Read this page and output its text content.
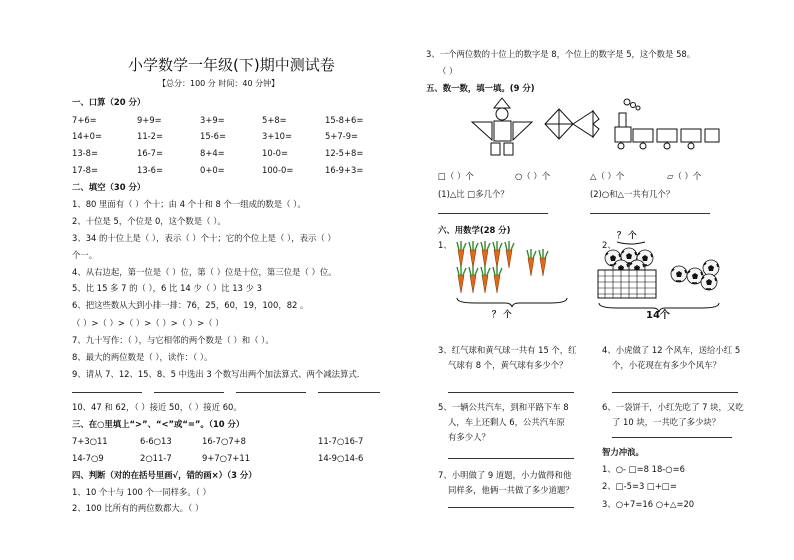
小学数学一年级(下)期中测试卷
【总分：100 分 时间：40 分钟】
一、口算（20 分）
7+6=	9+9=	3+9=	5+8=	15-8+6=
14+0=	11-2=	15-6=	3+10=	5+7-9=
13-8=	16-7=	8+4=	10-0=	12-5+8=
17-8=	13-6=	0+0=	100-0=	16-9+3=
二、填空（30 分）
1、80 里面有（ ）个十；由 4 个十和 8 个一组成的数是（ ）。
2、十位是 5，个位是 0，这个数是（ ）。
3、34 的十位上是（ ），表示（ ）个十；它的个位上是（ ），表示（ ）
个一。
4、从右边起，第一位是（ ）位，第（ ）位是十位，第三位是（ ）位。
5、比 15 多 7 的（ ），6 比 14 少（ ）比 13 少 3
6、把这些数从大到小排一排：76，25，60，19，100，82 。
（ ）>（ ）>（ ）>（ ）>（ ）>（ ）
7、九十写作：（ ），与它相邻的两个数是（ ）和（ ）。
8、最大的两位数是（ ），读作：（ ）。
9、请从 7、12、15、8、5 中选出 3 个数写出两个加法算式、两个减法算式．
10、47 和 62，（ ）接近 50，（ ）接近 60。
三、在○里填上“>”、“<”或“=”。（10 分）
7+3○11	6-6○13	16-7○7+8	11-7○16-7
14-7○9	2○11-7	9+7○7+11	14-9○14-6
四、判断（对的在括号里画√，错的画×）（3 分）
1、10 个十与 100 个一同样多。（ ）
2、100 比所有的两位数都大。（ ）
3、一个两位数的十位上的数字是 8，个位上的数字是 5，这个数是 58。
（ ）
五、数一数，填一填。(9 分)
□（ ）个	○（ ）个	△（ ）个	▱（ ）个
(1)△比 □多几个？	(2)○和△一共有几个？
六、用数学(28 分)
1、	2、
？ 个
？ 个
14个
3、红气球和黄气球一共有 15 个，红
气球有 8 个，黄气球有多少个？
4、小虎做了 12 个风车，送给小红 5
个，小花现在有多少个风车？
5、一辆公共汽车，到和平路下车 8
人，车上还剩人 6，公共汽车原
有多少人？
6、一袋饼干，小红先吃了 7 块，又吃
了 10 块，一共吃了多少块？
智力冲浪。
1、○- □=8 18-○=6
2、□-5=3 □+□=
3、○+7=16 ○+△=20
7、小明做了 9 道题，小力做得和他
同样多，他俩一共做了多少道题？
